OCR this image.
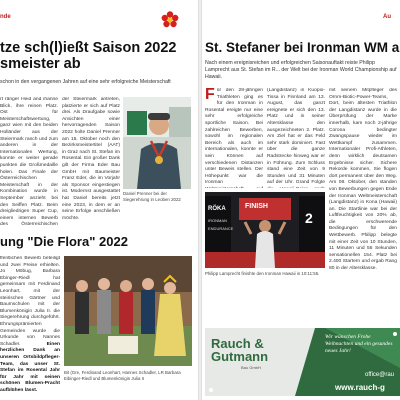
nde
tze sch(l)ießt Saison 2022
smeister ab
schon in den vergangenen Jahren auf eine sehr erfolgreiche Meisterschaft
rt ränger Heid and ihanne Blick, ihre reinen Platz. Ost für Meisterschaftswertung, ganz wien mit den beiden Holländer aus der Steiermark ranch und zum anderen in der Internationalen Wertung, konnte er weiter gerade punkten die Großmedaille holen. Das Finale der Österreichischen Meisterschaft in der Kombination wurde in September anzieht bei den Seiffen Platz. Beim dreigliedrigen Super Cup, einem internen Bewerb des Österreichischen
der Steiermark antreten, platzierte er sich auf Platz drei. Als Draufgabe sowie Ansichten einer hervorragenden Saison 2022 holte Daniel Prenner am 15. Oktober noch den Bezirksmeistertitel (AAT) in Graz nach St. Stefan im Rosental. Ein großer Dank gilt der Firma Eder Bau GmbH mit Baumeister Franz Eder, die im Vorjahr als Sponsor eingestiegen ist. Modernst ausgestattet hat Daniel bereits jetzt eine 2023, in dem er an seine Erfolge anschließen möchte.
Daniel Prenner bei der Siegerehrung in Leoben 2022
ung "Die Flora" 2022
ffentlichen Bewerb beteiligt und zwei Preise erhielten. Jo Möbug, Barbara Ebinger-Riedl hat gemeinsam mit Ferdinand Leonhart, mit der steirischen Gärtner und Baumschulen mit der Blumenkönigin Julia II. die Siegerehrung durchgeführt. Ehrungsprämierten Gemeinden wurde die Urkunde von Nannes Schadler.	Einen herzlichen Dank an unseren Ortsbildpfleger-Team, das unser St. Stefan im Rosental Jahr für Jahr mit seinen schönen Blumen-Pracht aufblühen lässt.
Bit (Gre, Ferdinand Leonhart, Hannes Schadler, LR Barbara Eibinger-Riedl und Blumenkönigin Julia II
Au
St. Stefaner bei Ironman WM a
Nach einem ereignisreichen und erfolgreichen Saisonauftakt reiste Philipp Lamprecht aus St. Stefan im R... der Welt bei der Ironman World Championship auf Hawaii.
Für den 28-jährigen Triathleten ging es für den Ironman in Rosental ereigte nur eine sehr erfolgreiche sportliche Saison. Bei zahlreichen Bewerben, sowohl im regionalen Bereich als auch im internationalen, konnte er sein Können auf verschiedenen Distanzen unter Beweis stellen. Der Höhepunkt war die Ironman
(Langdistanz) in Kuopio-Tissa in Finnland am 13. August, das ganzt ereignete er sich den 13. Platz und in seiner Altersklasse den ausgezeichneten 2. Platz. Am Ziel hat er das Feld sehr stark dominiert. Fast über die ganze Radstrecke hinweg war er in Führung. Zum Schluss stand eine Zeit von 9 Stunden und 31 Minuten auf der Uhr. Grand Folgte
mit seinem Mitpfleger des Ornm-Biotic-Power-Teams, Dort, beim ältesten Triathlon der Langdistanz wurde in die Überprüfung der Marke innerhalb, kam noch 2-jährige Corona bedingter Zwangspause wieder im Wettkampf zusammen. Internationaler Profi-Athleten, denn wirklich deutsamen Ergebnisse sicher. Sichere Rekorde kommen, Sie flogen dort permanent über den Weg. Am 08. Oktober, den standen von Bewerbungen gegen Ende der Ironman Weltmeisterschaft (Langdistanz) in Kona (Hawaii) an. Die Startlinie war bei der Luftfeuchtigkeit von 20% ab, die erschwerende Bedingungen für den Wettbewerb. Philipp belegte mit einer Zeit von 10 Stunden, 11 Minuten und 55 Sekunden sensationellen 154. Platz bei 2.400 Startern und ergab Rang 80 in der Altersklasse.
RÖKA
IRONMAN
ENDURANCE
2
FINISH
Philipp Lamprecht finishte den Ironman Hawaii in 10:11:55.
Rauch &
Gutmann
Bau GmbH
Wir wünschen Frohe Weihnachten und ein gesundes neues Jahr!
office@rau
www.rauch-g
